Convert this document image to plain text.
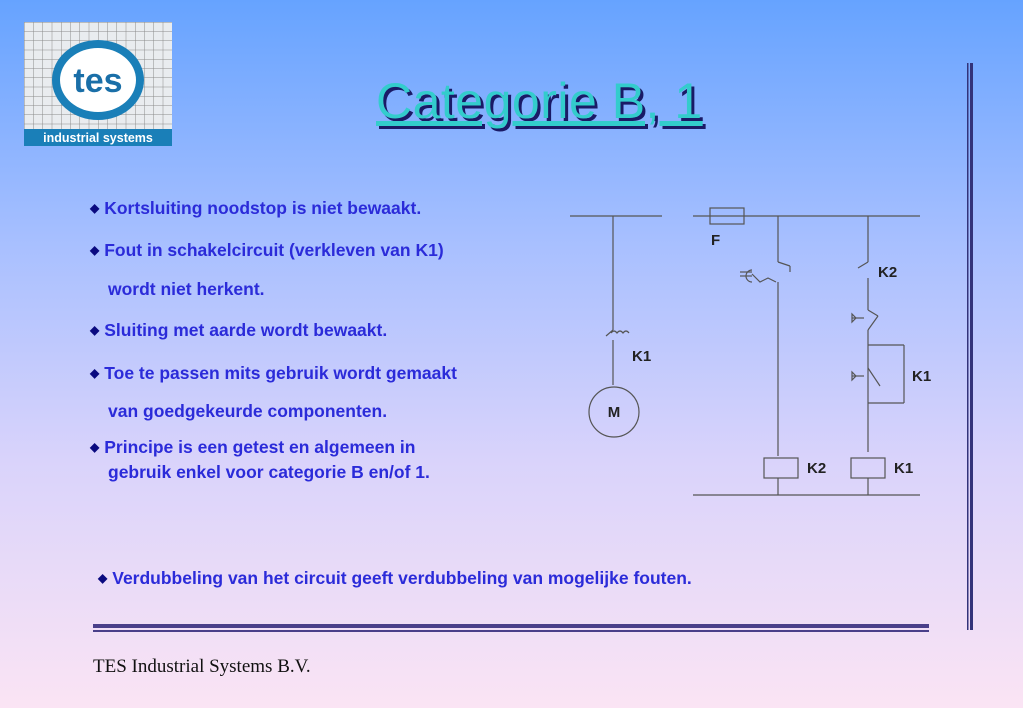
tes
industrial systems
Categorie B, 1
◆ Kortsluiting noodstop is niet bewaakt.
◆ Fout in schakelcircuit (verkleven van K1)
wordt niet herkent.
◆ Sluiting met aarde wordt bewaakt.
◆ Toe te passen mits gebruik wordt gemaakt
van goedgekeurde componenten.
◆ Principe is een getest en algemeen in
gebruik enkel voor categorie B en/of 1.
◆ Verdubbeling van het circuit geeft verdubbeling van mogelijke fouten.
F
K2
K1
M
K1
K2	K1
TES Industrial Systems B.V.
